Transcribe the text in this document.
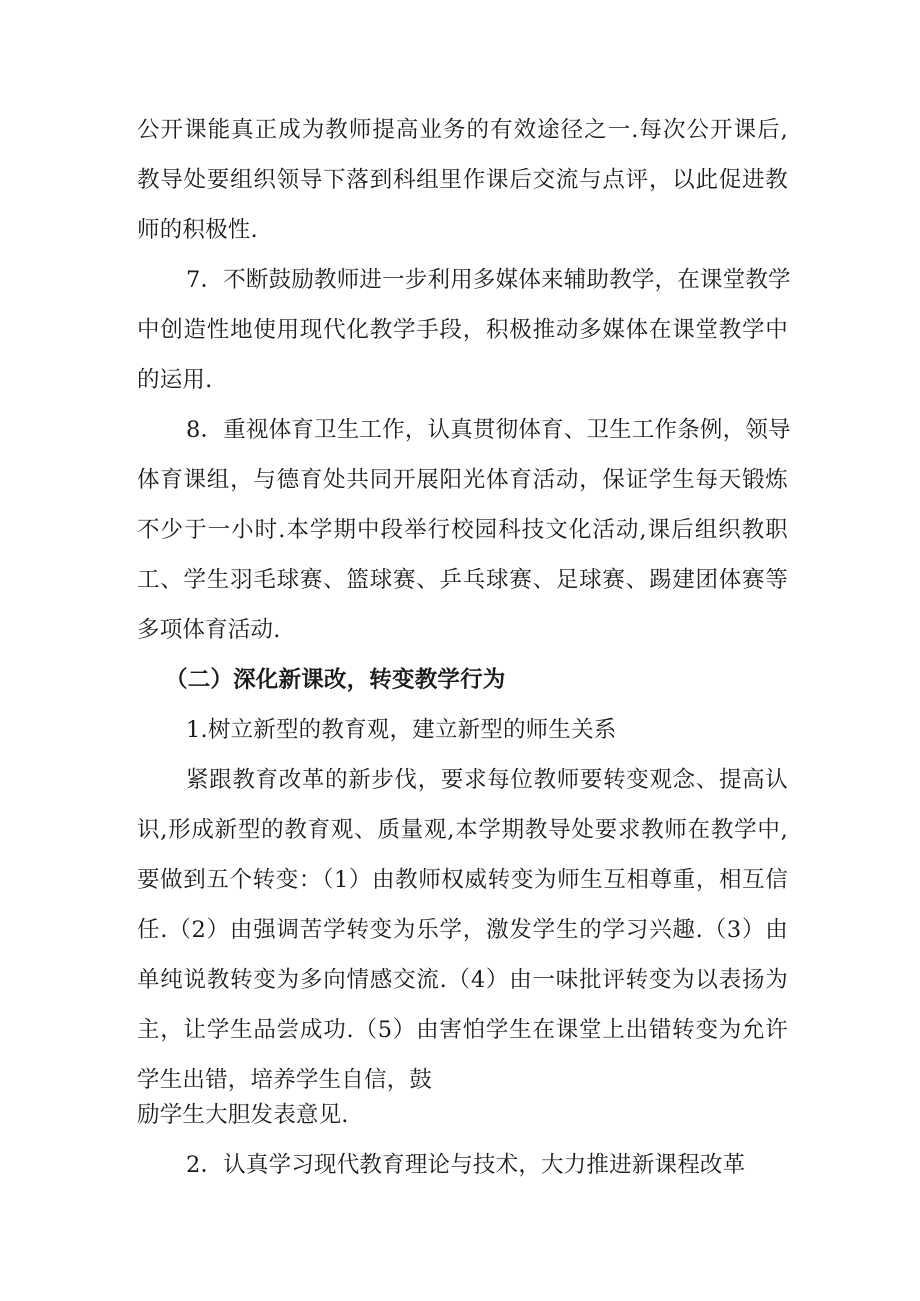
公开课能真正成为教师提高业务的有效途径之一.每次公开课后,
教导处要组织领导下落到科组里作课后交流与点评，以此促进教
师的积极性.
7．不断鼓励教师进一步利用多媒体来辅助教学，在课堂教学
中创造性地使用现代化教学手段，积极推动多媒体在课堂教学中
的运用.
8．重视体育卫生工作，认真贯彻体育、卫生工作条例，领导
体育课组，与德育处共同开展阳光体育活动，保证学生每天锻炼
不少于一小时.本学期中段举行校园科技文化活动,课后组织教职
工、学生羽毛球赛、篮球赛、乒乓球赛、足球赛、踢建团体赛等
多项体育活动.
（二）深化新课改，转变教学行为
1.树立新型的教育观，建立新型的师生关系
紧跟教育改革的新步伐，要求每位教师要转变观念、提高认
识,形成新型的教育观、质量观,本学期教导处要求教师在教学中,
要做到五个转变：（1）由教师权威转变为师生互相尊重，相互信
任.（2）由强调苦学转变为乐学，激发学生的学习兴趣.（3）由
单纯说教转变为多向情感交流.（4）由一味批评转变为以表扬为
主，让学生品尝成功.（5）由害怕学生在课堂上出错转变为允许
学生出错，培养学生自信，鼓
励学生大胆发表意见.
2．认真学习现代教育理论与技术，大力推进新课程改革
